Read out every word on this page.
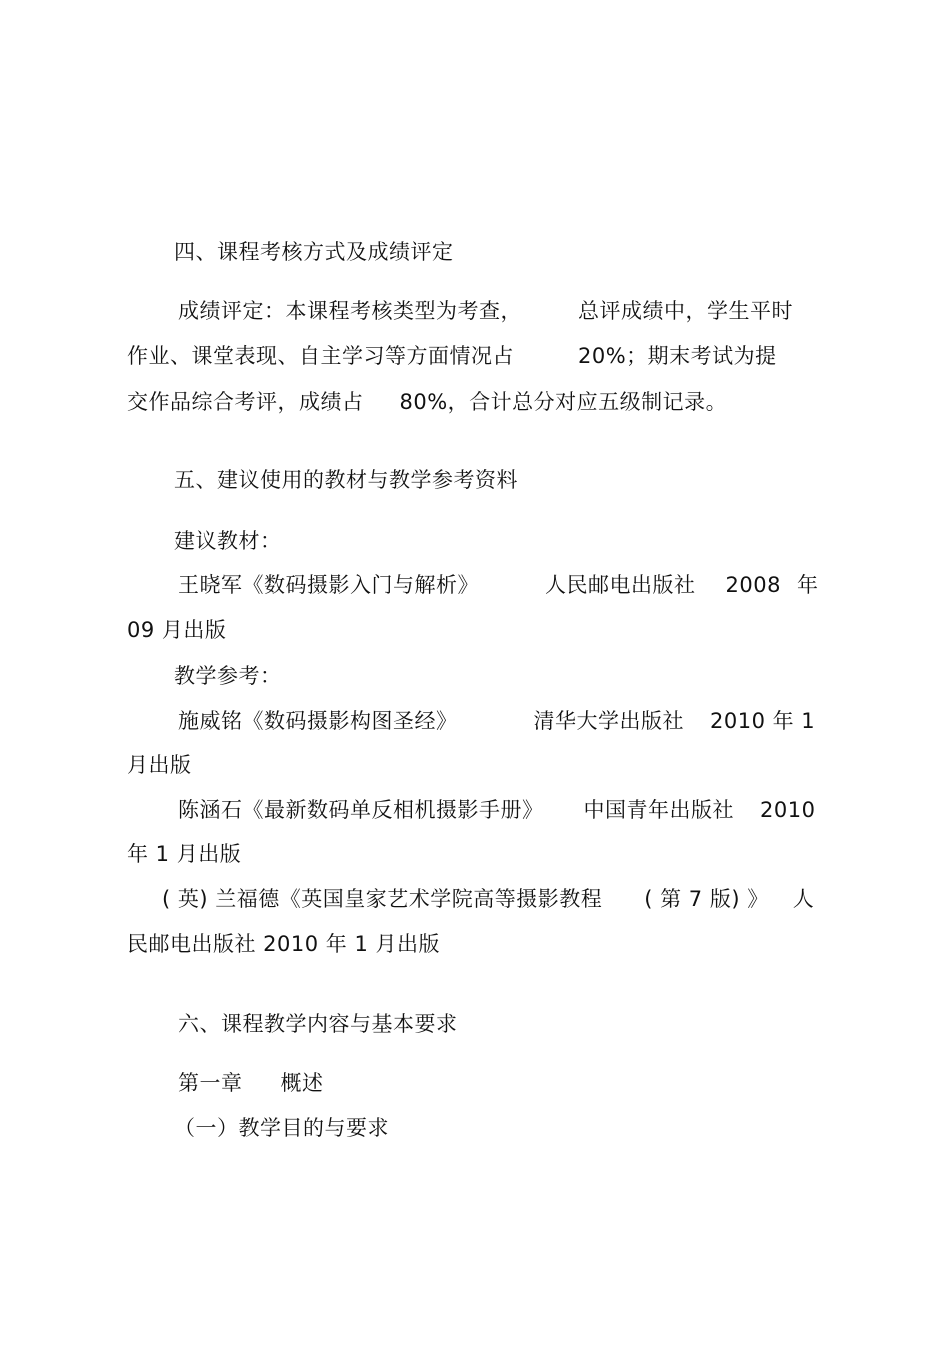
四、课程考核方式及成绩评定
成绩评定：本课程考核类型为考查，	总评成绩中，学生平时
作业、课堂表现、自主学习等方面情况占	20%；期末考试为提
交作品综合考评，成绩占 80%，合计总分对应五级制记录。
五、建议使用的教材与教学参考资料
建议教材：
王晓军《数码摄影入门与解析》	人民邮电出版社 2008 年
09 月出版
教学参考：
施威铭《数码摄影构图圣经》	清华大学出版社 2010 年 1
月出版
陈涵石《最新数码单反相机摄影手册》 中国青年出版社 2010
年 1 月出版
( 英) 兰福德《英国皇家艺术学院高等摄影教程 ( 第 7 版) 》 人
民邮电出版社 2010 年 1 月出版
六、课程教学内容与基本要求
第一章 概述
（一）教学目的与要求
